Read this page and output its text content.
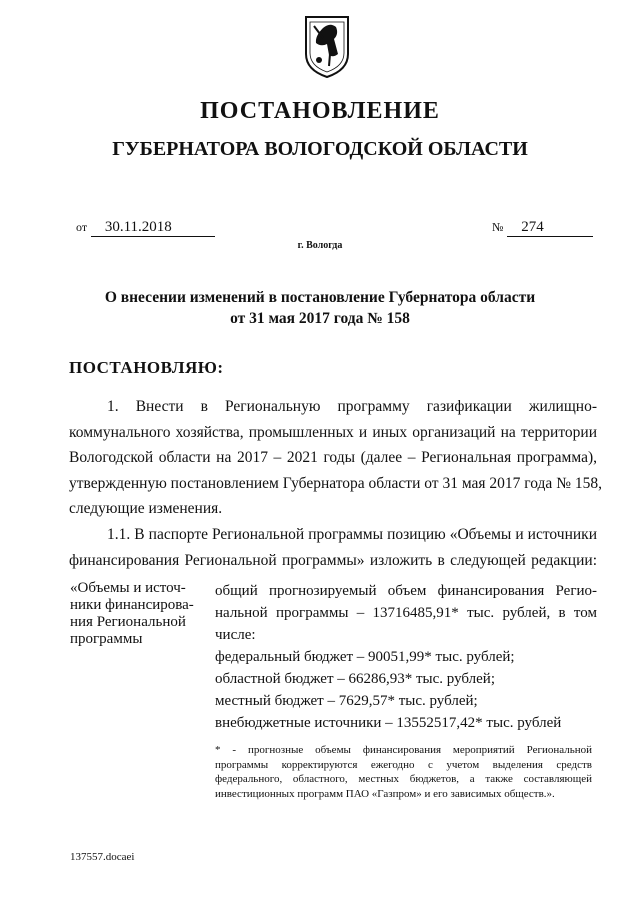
ПОСТАНОВЛЕНИЕ
ГУБЕРНАТОРА ВОЛОГОДСКОЙ ОБЛАСТИ
от 30.11.2018	№ 274
г. Вологда
О внесении изменений в постановление Губернатора области
от 31 мая 2017 года № 158
ПОСТАНОВЛЯЮ:
1. Внести в Региональную программу газификации жилищно-
коммунального хозяйства, промышленных и иных организаций на территории
Вологодской области на 2017 – 2021 годы (далее – Региональная программа),
утвержденную постановлением Губернатора области от 31 мая 2017 года № 158,
следующие изменения.
1.1. В паспорте Региональной программы позицию «Объемы и источники
финансирования Региональной программы» изложить в следующей редакции:
«Объемы и источ-
ники финансирова-
ния Региональной
программы
общий прогнозируемый объем финансирования Регио-
нальной программы – 13716485,91* тыс. рублей, в том
числе:
федеральный бюджет – 90051,99* тыс. рублей;
областной бюджет – 66286,93* тыс. рублей;
местный бюджет – 7629,57* тыс. рублей;
внебюджетные источники – 13552517,42* тыс. рублей
* - прогнозные объемы финансирования мероприятий Региональной программы корректируются ежегодно с учетом выделения средств федерального, областного, местных бюджетов, а также составляющей инвестиционных программ ПАО «Газпром» и его зависимых обществ.».
137557.docaei
